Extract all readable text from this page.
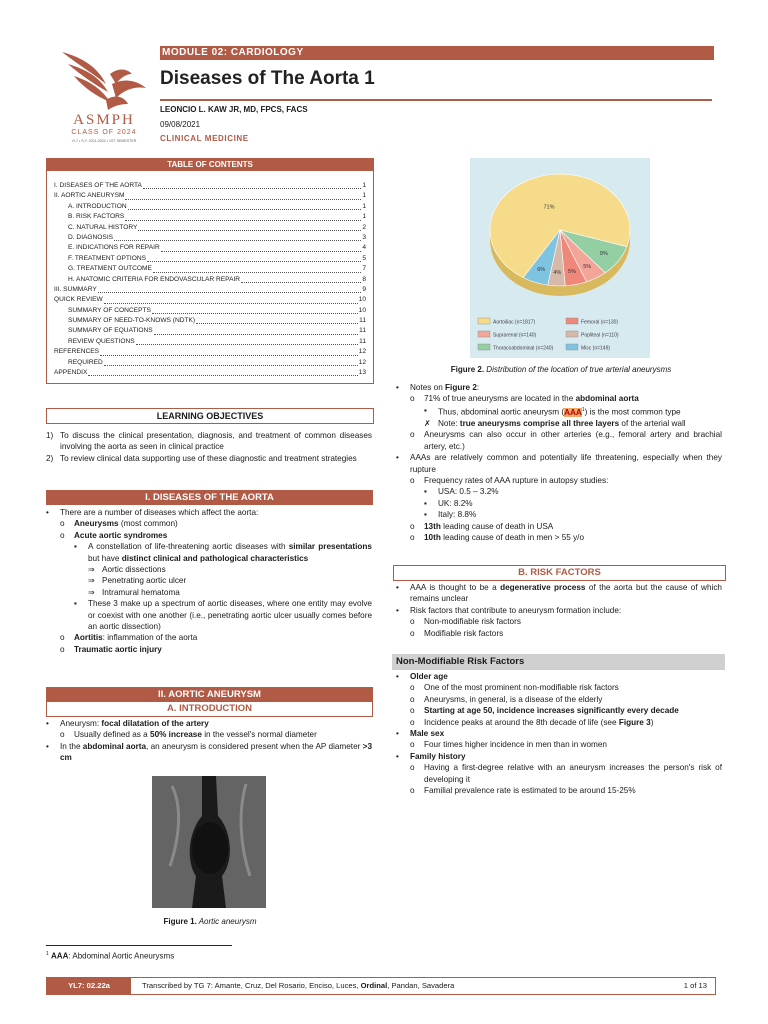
ASMPH
CLASS OF 2024
YL7 • S.Y. 2021-2022 • 1ST SEMESTER
MODULE 02: CARDIOLOGY
Diseases of The Aorta 1
LEONCIO L. KAW JR, MD, FPCS, FACS
09/08/2021
CLINICAL MEDICINE
TABLE OF CONTENTS
I. DISEASES OF THE AORTA	1
II. AORTIC ANEURYSM	1
A. INTRODUCTION	1
B. RISK FACTORS	1
C. NATURAL HISTORY	2
D. DIAGNOSIS	3
E. INDICATIONS FOR REPAIR	4
F. TREATMENT OPTIONS	5
G. TREATMENT OUTCOME	7
H. ANATOMIC CRITERIA FOR ENDOVASCULAR REPAIR	8
III. SUMMARY	9
QUICK REVIEW	10
SUMMARY OF CONCEPTS	10
SUMMARY OF NEED-TO-KNOWS (NDTK)	11
SUMMARY OF EQUATIONS	11
REVIEW QUESTIONS	11
REFERENCES	12
REQUIRED	12
APPENDIX	13
LEARNING OBJECTIVES
1) To discuss the clinical presentation, diagnosis, and treatment of common diseases involving the aorta as seen in clinical practice
2) To review clinical data supporting use of these diagnostic and treatment strategies
I. DISEASES OF THE AORTA
•	There are a number of diseases which affect the aorta:
o	Aneurysms (most common)
o	Acute aortic syndromes
▪	A constellation of life-threatening aortic diseases with similar presentations but have distinct clinical and pathological characteristics
⇒ Aortic dissections
⇒ Penetrating aortic ulcer
⇒ Intramural hematoma
▪	These 3 make up a spectrum of aortic diseases, where one entity may evolve or coexist with one another (i.e., penetrating aortic ulcer usually comes before an aortic dissection)
o	Aortitis: inflammation of the aorta
o	Traumatic aortic injury
II. AORTIC ANEURYSM
A. INTRODUCTION
•	Aneurysm: focal dilatation of the artery
o	Usually defined as a 50% increase in the vessel's normal diameter
•	In the abdominal aorta, an aneurysm is considered present when the AP diameter >3 cm
Figure 1. Aortic aneurysm
$^1$ AAA: Abdominal Aortic Aneurysms
71%
9%
5%
5%
4%
6%
Aortoiliac (n=1817)	Femoral (n=130)
Suprarenal (n=140)	Popliteal (n=110)
Thoracoabdominal (n=240)	Misc (n=149)
Figure 2. Distribution of the location of true arterial aneurysms
•	Notes on Figure 2:
o	71% of true aneurysms are located in the abdominal aorta
▪	Thus, abdominal aortic aneurysm (AAA$^1$) is the most common type
✗ Note: true aneurysms comprise all three layers of the arterial wall
o	Aneurysms can also occur in other arteries (e.g., femoral artery and brachial artery, etc.)
•	AAAs are relatively common and potentially life threatening, especially when they rupture
o	Frequency rates of AAA rupture in autopsy studies:
▪	USA: 0.5 – 3.2%
▪	UK: 8.2%
▪	Italy: 8.8%
o	13th leading cause of death in USA
o	10th leading cause of death in men > 55 y/o
B. RISK FACTORS
•	AAA is thought to be a degenerative process of the aorta but the cause of which remains unclear
•	Risk factors that contribute to aneurysm formation include:
o	Non-modifiable risk factors
o	Modifiable risk factors
Non-Modifiable Risk Factors
•	Older age
o	One of the most prominent non-modifiable risk factors
o	Aneurysms, in general, is a disease of the elderly
o	Starting at age 50, incidence increases significantly every decade
o	Incidence peaks at around the 8th decade of life (see Figure 3)
•	Male sex
o	Four times higher incidence in men than in women
•	Family history
o	Having a first-degree relative with an aneurysm increases the person's risk of developing it
o	Familial prevalence rate is estimated to be around 15-25%
YL7: 02.22a	Transcribed by TG 7: Amante, Cruz, Del Rosario, Enciso, Luces, Ordinal, Pandan, Savadera	1 of 13
